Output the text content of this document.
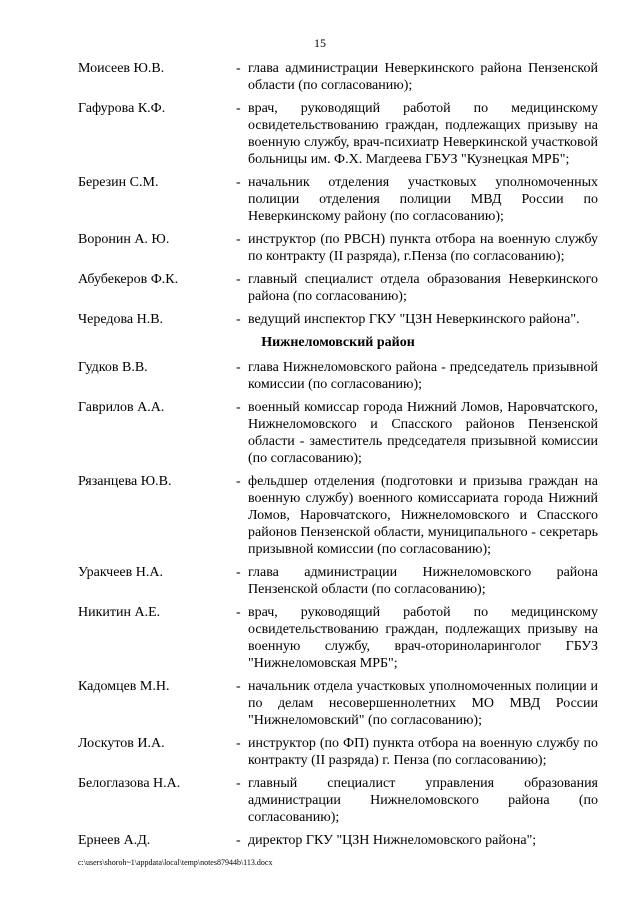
15
Моисеев Ю.В.	- глава администрации Неверкинского района Пензенской области (по согласованию);
Гафурова К.Ф.	- врач, руководящий работой по медицинскому освидетельствованию граждан, подлежащих призыву на военную службу, врач-психиатр Неверкинской участковой больницы им. Ф.Х. Магдеева ГБУЗ "Кузнецкая МРБ";
Березин С.М.	- начальник отделения участковых уполномоченных полиции отделения полиции МВД России по Неверкинскому району (по согласованию);
Воронин А. Ю.	- инструктор (по РВСН) пункта отбора на военную службу по контракту (II разряда), г.Пенза (по согласованию);
Абубекеров Ф.К.	- главный специалист отдела образования Неверкинского района (по согласованию);
Чередова Н.В.	- ведущий инспектор ГКУ "ЦЗН Неверкинского района".
Нижнеломовский район
Гудков В.В.	- глава Нижнеломовского района - председатель призывной комиссии (по согласованию);
Гаврилов А.А.	- военный комиссар города Нижний Ломов, Наровчатского, Нижнеломовского и Спасского районов Пензенской области - заместитель председателя призывной комиссии (по согласованию);
Рязанцева Ю.В.	- фельдшер отделения (подготовки и призыва граждан на военную службу) военного комиссариата города Нижний Ломов, Наровчатского, Нижнеломовского и Спасского районов Пензенской области, муниципального - секретарь призывной комиссии (по согласованию);
Уракчеев Н.А.	- глава администрации Нижнеломовского района Пензенской области (по согласованию);
Никитин А.Е.	- врач, руководящий работой по медицинскому освидетельствованию граждан, подлежащих призыву на военную службу, врач-оториноларинголог ГБУЗ "Нижнеломовская МРБ";
Кадомцев М.Н.	- начальник отдела участковых уполномоченных полиции и по делам несовершеннолетних МО МВД России "Нижнеломовский" (по согласованию);
Лоскутов И.А.	- инструктор (по ФП) пункта отбора на военную службу по контракту (II разряда) г. Пенза (по согласованию);
Белоглазова Н.А.	- главный специалист управления образования администрации Нижнеломовского района (по согласованию);
Ернеев А.Д.	- директор ГКУ "ЦЗН Нижнеломовского района";
c:\users\shoroh~1\appdata\local\temp\notes87944b\113.docx
